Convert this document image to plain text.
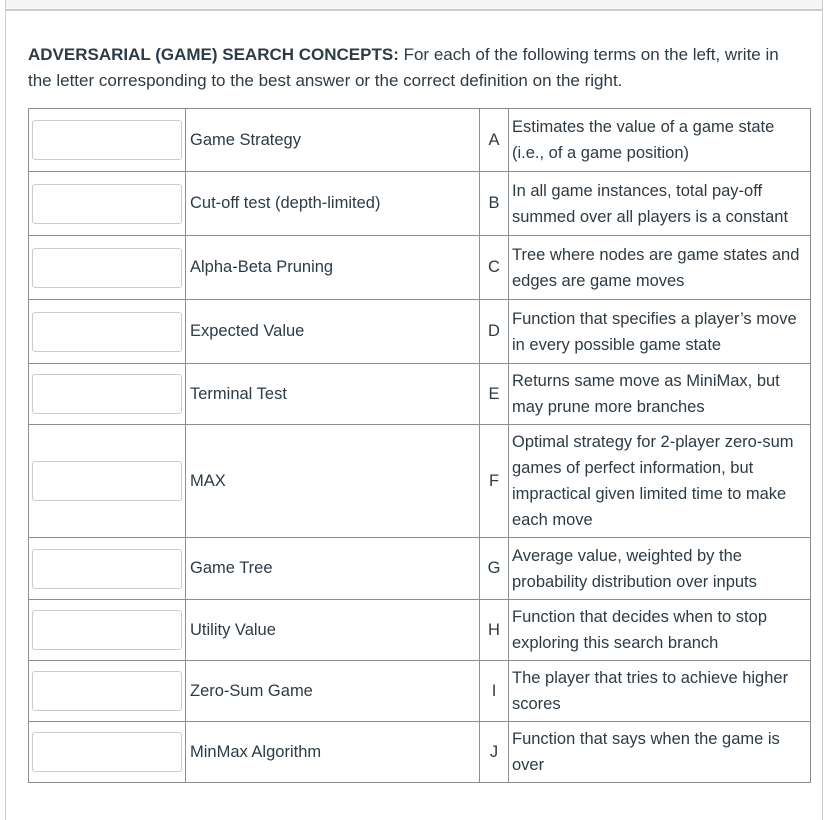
ADVERSARIAL (GAME) SEARCH CONCEPTS: For each of the following terms on the left, write in the letter corresponding to the best answer or the correct definition on the right.
	Game Strategy	A	Estimates the value of a game state (i.e., of a game position)

	Cut-off test (depth-limited)	B	In all game instances, total pay-off summed over all players is a constant

	Alpha-Beta Pruning	C	Tree where nodes are game states and edges are game moves

	Expected Value	D	Function that specifies a player’s move in every possible game state

	Terminal Test	E	Returns same move as MiniMax, but may prune more branches

	MAX	F	Optimal strategy for 2-player zero-sum games of perfect information, but impractical given limited time to make each move

	Game Tree	G	Average value, weighted by the probability distribution over inputs

	Utility Value	H	Function that decides when to stop exploring this search branch

	Zero-Sum Game	I	The player that tries to achieve higher scores

	MinMax Algorithm	J	Function that says when the game is over
